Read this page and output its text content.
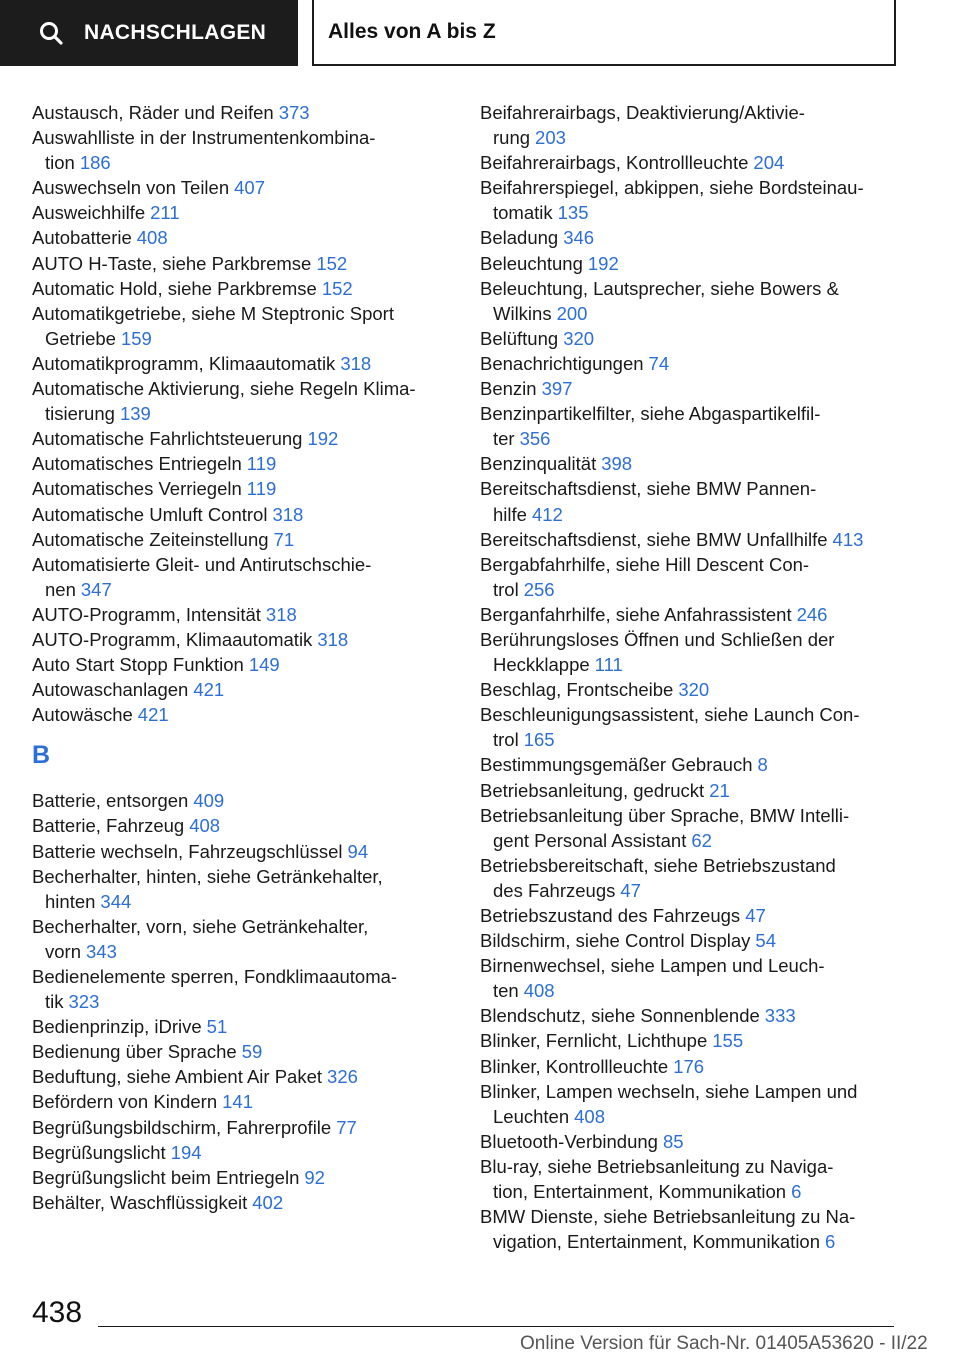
NACHSCHLAGEN	Alles von A bis Z

Austausch, Räder und Reifen 373

Auswahlliste in der Instrumentenkombina-
tion 186

Auswechseln von Teilen 407

Ausweichhilfe 211

Autobatterie 408

AUTO H-Taste, siehe Parkbremse 152

Automatic Hold, siehe Parkbremse 152

Automatikgetriebe, siehe M Steptronic Sport
Getriebe 159

Automatikprogramm, Klimaautomatik 318

Automatische Aktivierung, siehe Regeln Klima-
tisierung 139

Automatische Fahrlichtsteuerung 192

Automatisches Entriegeln 119

Automatisches Verriegeln 119

Automatische Umluft Control 318

Automatische Zeiteinstellung 71

Automatisierte Gleit- und Antirutschschie-
nen 347

AUTO-Programm, Intensität 318

AUTO-Programm, Klimaautomatik 318

Auto Start Stopp Funktion 149

Autowaschanlagen 421

Autowäsche 421

B

Batterie, entsorgen 409

Batterie, Fahrzeug 408

Batterie wechseln, Fahrzeugschlüssel 94

Becherhalter, hinten, siehe Getränkehalter,
hinten 344

Becherhalter, vorn, siehe Getränkehalter,
vorn 343

Bedienelemente sperren, Fondklimaautoma-
tik 323

Bedienprinzip, iDrive 51

Bedienung über Sprache 59

Beduftung, siehe Ambient Air Paket 326

Befördern von Kindern 141

Begrüßungsbildschirm, Fahrerprofile 77

Begrüßungslicht 194

Begrüßungslicht beim Entriegeln 92

Behälter, Waschflüssigkeit 402

Beifahrerairbags, Deaktivierung/Aktivie-
rung 203

Beifahrerairbags, Kontrollleuchte 204

Beifahrerspiegel, abkippen, siehe Bordsteinau-
tomatik 135

Beladung 346

Beleuchtung 192

Beleuchtung, Lautsprecher, siehe Bowers &
Wilkins 200

Belüftung 320

Benachrichtigungen 74

Benzin 397

Benzinpartikelfilter, siehe Abgaspartikelfil-
ter 356

Benzinqualität 398

Bereitschaftsdienst, siehe BMW Pannen-
hilfe 412

Bereitschaftsdienst, siehe BMW Unfallhilfe 413

Bergabfahrhilfe, siehe Hill Descent Con-
trol 256

Berganfahrhilfe, siehe Anfahrassistent 246

Berührungsloses Öffnen und Schließen der
Heckklappe 111

Beschlag, Frontscheibe 320

Beschleunigungsassistent, siehe Launch Con-
trol 165

Bestimmungsgemäßer Gebrauch 8

Betriebsanleitung, gedruckt 21

Betriebsanleitung über Sprache, BMW Intelli-
gent Personal Assistant 62

Betriebsbereitschaft, siehe Betriebszustand
des Fahrzeugs 47

Betriebszustand des Fahrzeugs 47

Bildschirm, siehe Control Display 54

Birnenwechsel, siehe Lampen und Leuch-
ten 408

Blendschutz, siehe Sonnenblende 333

Blinker, Fernlicht, Lichthupe 155

Blinker, Kontrollleuchte 176

Blinker, Lampen wechseln, siehe Lampen und
Leuchten 408

Bluetooth-Verbindung 85

Blu-ray, siehe Betriebsanleitung zu Naviga-
tion, Entertainment, Kommunikation 6

BMW Dienste, siehe Betriebsanleitung zu Na-
vigation, Entertainment, Kommunikation 6

438
Online Version für Sach-Nr. 01405A53620 - II/22
